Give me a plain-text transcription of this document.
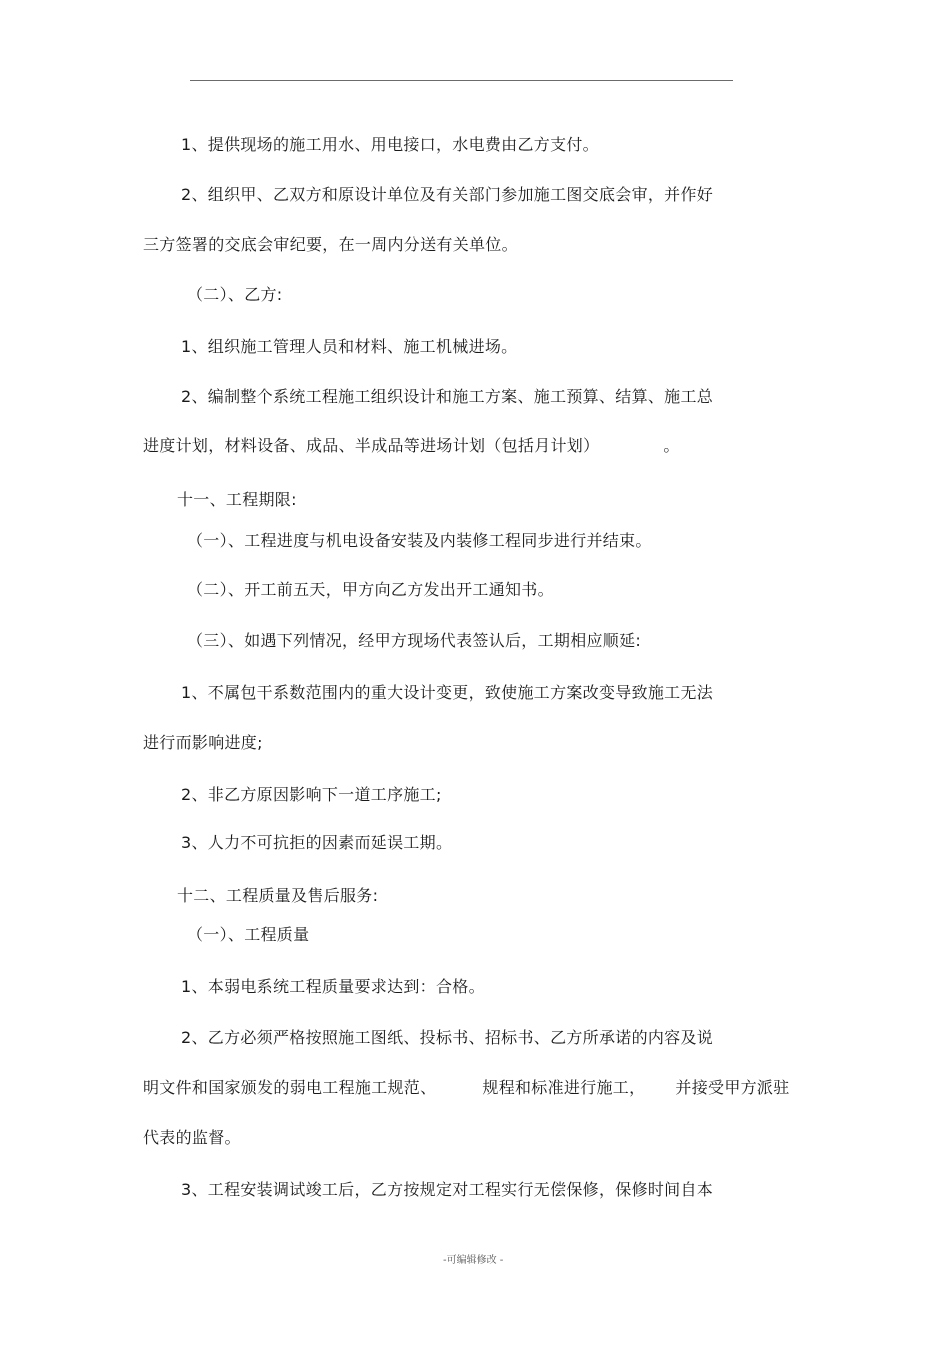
1、提供现场的施工用水、用电接口，水电费由乙方支付。
2、组织甲、乙双方和原设计单位及有关部门参加施工图交底会审，并作好
三方签署的交底会审纪要，在一周内分送有关单位。
（二）、乙方:
1、组织施工管理人员和材料、施工机械进场。
2、编制整个系统工程施工组织设计和施工方案、施工预算、结算、施工总
进度计划，材料设备、成品、半成品等进场计划（包括月计划）	。
十一、工程期限:
（一）、工程进度与机电设备安装及内装修工程同步进行并结束。
（二）、开工前五天，甲方向乙方发出开工通知书。
（三）、如遇下列情况，经甲方现场代表签认后，工期相应顺延:
1、不属包干系数范围内的重大设计变更，致使施工方案改变导致施工无法
进行而影响进度;
2、非乙方原因影响下一道工序施工;
3、人力不可抗拒的因素而延误工期。
十二、工程质量及售后服务:
（一）、工程质量
1、本弱电系统工程质量要求达到：合格。
2、乙方必须严格按照施工图纸、投标书、招标书、乙方所承诺的内容及说
明文件和国家颁发的弱电工程施工规范、	规程和标准进行施工， 并接受甲方派驻
代表的监督。
3、工程安装调试竣工后，乙方按规定对工程实行无偿保修，保修时间自本
-可编辑修改 -
